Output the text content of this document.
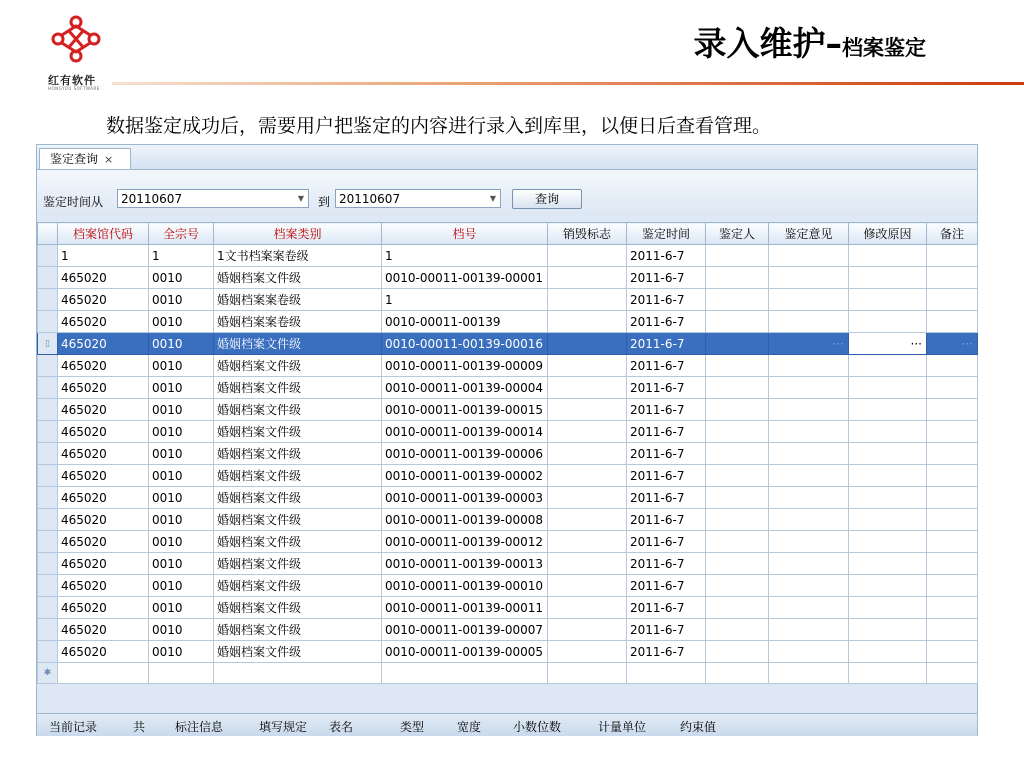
红有软件
HONGYOU SOFTWARE
录入维护–档案鉴定
数据鉴定成功后，需要用户把鉴定的内容进行录入到库里，以便日后查看管理。
鉴定查询 ×
鉴定时间从	20110607	▼ 到 20110607	▼	查询
	档案馆代码	全宗号	档案类别	档号	销毁标志	鉴定时间	鉴定人	鉴定意见	修改原因	备注
	1	1	1文书档案案卷级	1		2011-6-7				
	465020	0010	婚姻档案文件级	0010-00011-00139-00001		2011-6-7				
	465020	0010	婚姻档案案卷级	1		2011-6-7				
	465020	0010	婚姻档案案卷级	0010-00011-00139		2011-6-7				
▯	465020	0010	婚姻档案文件级	0010-00011-00139-00016		2011-6-7		···	···	···
	465020	0010	婚姻档案文件级	0010-00011-00139-00009		2011-6-7				
	465020	0010	婚姻档案文件级	0010-00011-00139-00004		2011-6-7				
	465020	0010	婚姻档案文件级	0010-00011-00139-00015		2011-6-7				
	465020	0010	婚姻档案文件级	0010-00011-00139-00014		2011-6-7				
	465020	0010	婚姻档案文件级	0010-00011-00139-00006		2011-6-7				
	465020	0010	婚姻档案文件级	0010-00011-00139-00002		2011-6-7				
	465020	0010	婚姻档案文件级	0010-00011-00139-00003		2011-6-7				
	465020	0010	婚姻档案文件级	0010-00011-00139-00008		2011-6-7				
	465020	0010	婚姻档案文件级	0010-00011-00139-00012		2011-6-7				
	465020	0010	婚姻档案文件级	0010-00011-00139-00013		2011-6-7				
	465020	0010	婚姻档案文件级	0010-00011-00139-00010		2011-6-7				
	465020	0010	婚姻档案文件级	0010-00011-00139-00011		2011-6-7				
	465020	0010	婚姻档案文件级	0010-00011-00139-00007		2011-6-7				
	465020	0010	婚姻档案文件级	0010-00011-00139-00005		2011-6-7				
✱										
当前记录	共 标注信息	填写规定 表名	类型	宽度	小数位数	计量单位	约束值
